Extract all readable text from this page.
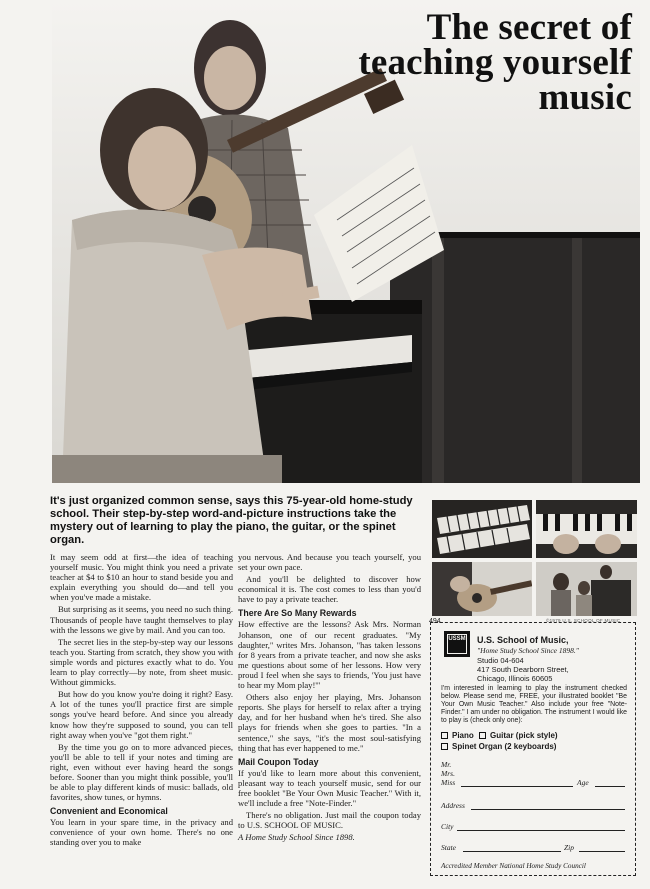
The secret of
teaching yourself
music
It's just organized common sense, says this 75-year-old home-study school. Their step-by-step word-and-picture instructions take the mystery out of learning to play the piano, the guitar, or the spinet organ.

It may seem odd at first—the idea of teaching yourself music. You might think you need a private teacher at $4 to $10 an hour to stand beside you and explain everything you should do—and tell you when you've made a mistake.

But surprising as it seems, you need no such thing. Thousands of people have taught themselves to play with the lessons we give by mail. And you can too.

The secret lies in the step-by-step way our lessons teach you. Starting from scratch, they show you with simple words and pictures exactly what to do. You learn to play correctly—by note, from sheet music. Without gimmicks.

But how do you know you're doing it right? Easy. A lot of the tunes you'll practice first are simple songs you've heard before. And since you already know how they're supposed to sound, you can tell right away when you've "got them right."

By the time you go on to more advanced pieces, you'll be able to tell if your notes and timing are right, even without ever having heard the songs before. Sooner than you might think possible, you'll be able to play different kinds of music: ballads, old favorites, show tunes, or hymns.

Convenient and Economical

You learn in your spare time, in the privacy and convenience of your own home. There's no one standing over you to make

you nervous. And because you teach yourself, you set your own pace.

And you'll be delighted to discover how economical it is. The cost comes to less than you'd have to pay a private teacher.

There Are So Many Rewards

How effective are the lessons? Ask Mrs. Norman Johanson, one of our recent graduates. "My daughter," writes Mrs. Johanson, "has taken lessons for 8 years from a private teacher, and now she asks me questions about some of her lessons. How very proud I feel when she says to friends, 'You just have to hear my Mom play!'"

Others also enjoy her playing, Mrs. Johanson reports. She plays for herself to relax after a trying day, and for her husband when he's tired. She also plays for friends when she goes to parties. "In a sentence," she says, "it's the most soul-satisfying thing that has ever happened to me."

Mail Coupon Today

If you'd like to learn more about this convenient, pleasant way to teach yourself music, send for our free booklet "Be Your Own Music Teacher." With it, we'll include a free "Note-Finder."

There's no obligation. Just mail the coupon today to U.S. SCHOOL OF MUSIC.

A Home Study School Since 1898.

494	©1979 U.S. SCHOOL OF MUSIC
USSM U.S. School of Music,
"Home Study School Since 1898."
Studio 04-604
417 South Dearborn Street,
Chicago, Illinois 60605
I'm interested in learning to play the instrument checked below. Please send me, FREE, your illustrated booklet "Be Your Own Music Teacher." Also include your free "Note-Finder." I am under no obligation. The instrument I would like to play is (check only one):
Piano Guitar (pick style)
Spinet Organ (2 keyboards)
Mr.
Mrs.
Miss	Age
Address
City
State	Zip
Accredited Member National Home Study Council
